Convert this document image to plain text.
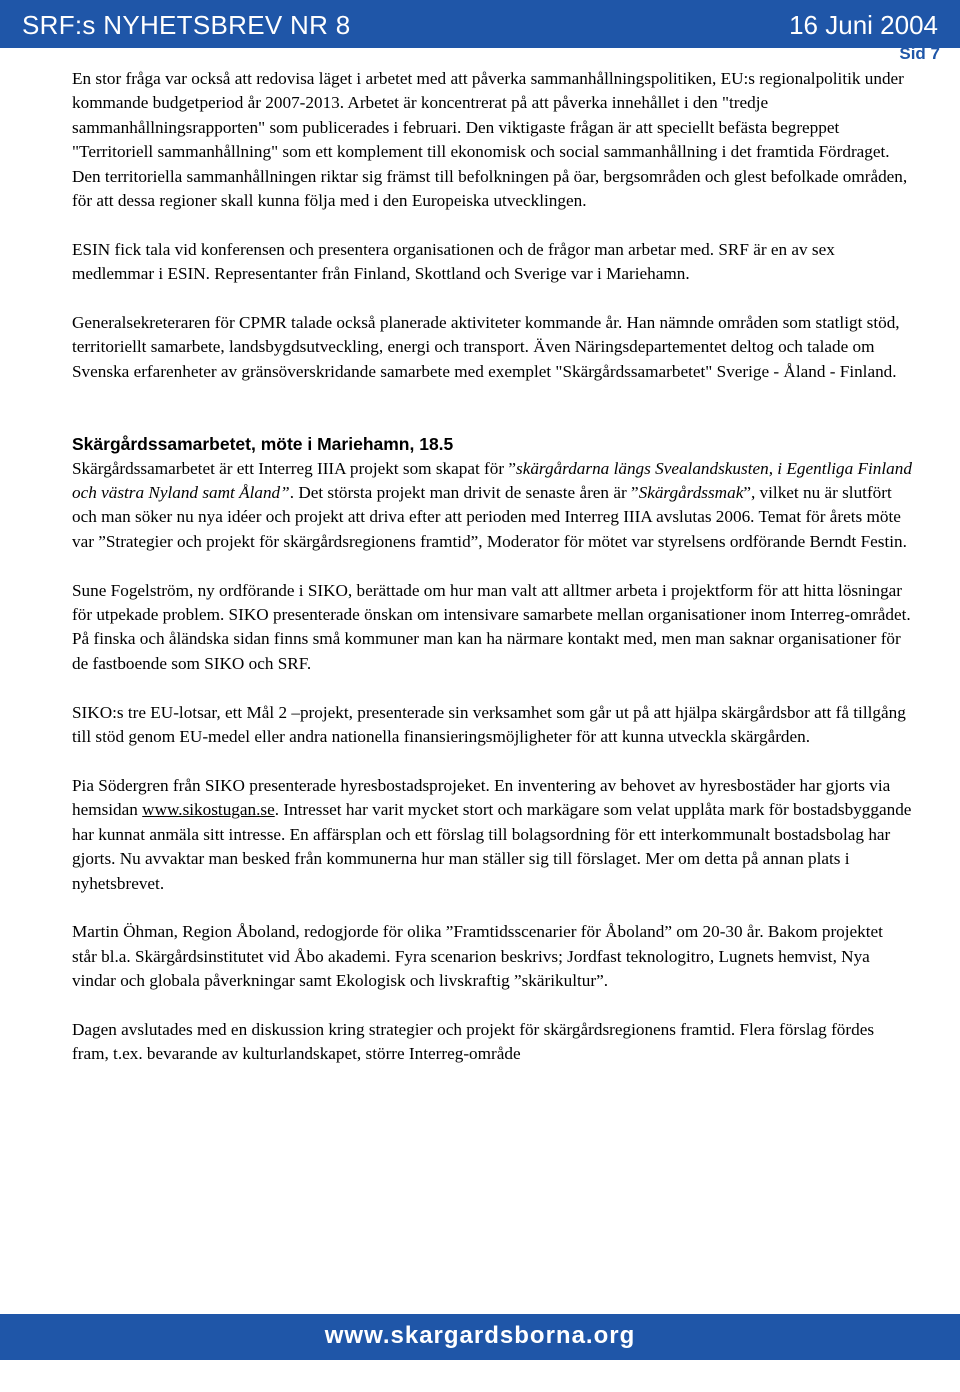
SRF:s NYHETSBREV NR 8	16 Juni 2004
Sid 7

En stor fråga var också att redovisa läget i arbetet med att påverka sammanhållningspolitiken, EU:s regionalpolitik under kommande budgetperiod år 2007-2013. Arbetet är koncentrerat på att påverka innehållet i den "tredje sammanhållningsrapporten" som publicerades i februari. Den viktigaste frågan är att speciellt befästa begreppet "Territoriell sammanhållning" som ett komplement till ekonomisk och social sammanhållning i det framtida Fördraget. Den territoriella sammanhållningen riktar sig främst till befolkningen på öar, bergsområden och glest befolkade områden, för att dessa regioner skall kunna följa med i den Europeiska utvecklingen.

ESIN fick tala vid konferensen och presentera organisationen och de frågor man arbetar med. SRF är en av sex medlemmar i ESIN. Representanter från Finland, Skottland och Sverige var i Mariehamn.

Generalsekreteraren för CPMR talade också planerade aktiviteter kommande år. Han nämnde områden som statligt stöd, territoriellt samarbete, landsbygdsutveckling, energi och transport. Även Näringsdepartementet deltog och talade om Svenska erfarenheter av gränsöverskridande samarbete med exemplet "Skärgårdssamarbetet" Sverige - Åland - Finland.

Skärgårdssamarbetet, möte i Mariehamn, 18.5

Skärgårdssamarbetet är ett Interreg IIIA projekt som skapat för ”skärgårdarna längs Svealandskusten, i Egentliga Finland och västra Nyland samt Åland”. Det största projekt man drivit de senaste åren är ”Skärgårdssmak”, vilket nu är slutfört och man söker nu nya idéer och projekt att driva efter att perioden med Interreg IIIA avslutas 2006. Temat för årets möte var ”Strategier och projekt för skärgårdsregionens framtid”, Moderator för mötet var styrelsens ordförande Berndt Festin.

Sune Fogelström, ny ordförande i SIKO, berättade om hur man valt att alltmer arbeta i projektform för att hitta lösningar för utpekade problem. SIKO presenterade önskan om intensivare samarbete mellan organisationer inom Interreg-området. På finska och åländska sidan finns små kommuner man kan ha närmare kontakt med, men man saknar organisationer för de fastboende som SIKO och SRF.

SIKO:s tre EU-lotsar, ett Mål 2 –projekt, presenterade sin verksamhet som går ut på att hjälpa skärgårdsbor att få tillgång till stöd genom EU-medel eller andra nationella finansieringsmöjligheter för att kunna utveckla skärgården.

Pia Södergren från SIKO presenterade hyresbostadsprojeket. En inventering av behovet av hyresbostäder har gjorts via hemsidan www.sikostugan.se. Intresset har varit mycket stort och markägare som velat upplåta mark för bostadsbyggande har kunnat anmäla sitt intresse. En affärsplan och ett förslag till bolagsordning för ett interkommunalt bostadsbolag har gjorts. Nu avvaktar man besked från kommunerna hur man ställer sig till förslaget. Mer om detta på annan plats i nyhetsbrevet.

Martin Öhman, Region Åboland, redogjorde för olika ”Framtidsscenarier för Åboland” om 20-30 år. Bakom projektet står bl.a. Skärgårdsinstitutet vid Åbo akademi. Fyra scenarion beskrivs; Jordfast teknologitro, Lugnets hemvist, Nya vindar och globala påverkningar samt Ekologisk och livskraftig ”skärikultur”.

Dagen avslutades med en diskussion kring strategier och projekt för skärgårdsregionens framtid. Flera förslag fördes fram, t.ex. bevarande av kulturlandskapet, större Interreg-område

www.skargardsborna.org
